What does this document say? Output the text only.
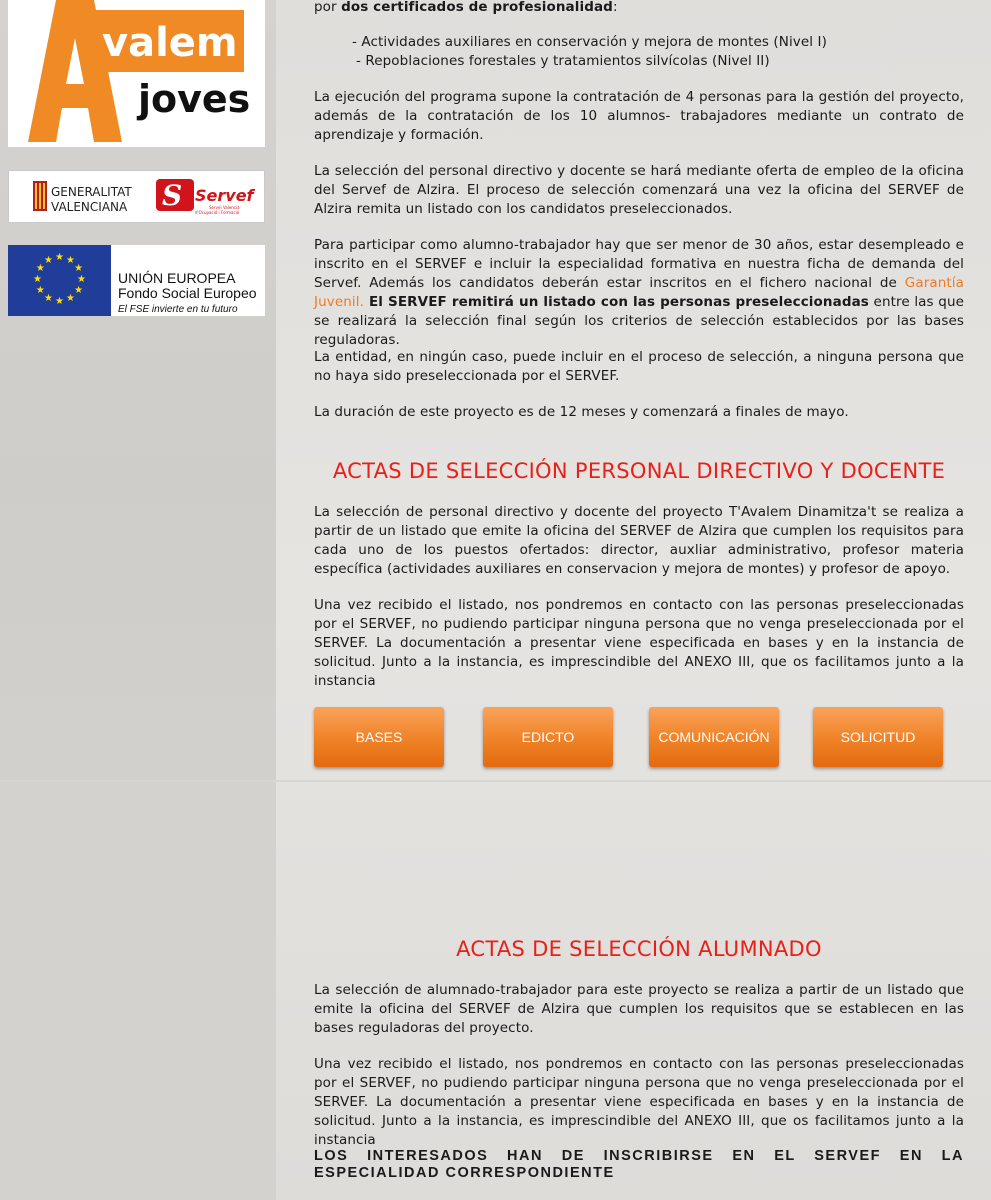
valem
joves
GENERALITAT
VALENCIANA S Servef
Servei Valencià
d'Ocupació i Formació
★ ★
★
★
★
★
★
★
★
★
★
★
UNIÓN EUROPEA
Fondo Social Europeo
El FSE invierte en tu futuro

por dos certificados de profesionalidad:

- Actividades auxiliares en conservación y mejora de montes (Nivel I)

- Repoblaciones forestales y tratamientos silvícolas (Nivel II)

La ejecución del programa supone la contratación de 4 personas para la gestión del proyecto, además de la contratación de los 10 alumnos- trabajadores mediante un contrato de aprendizaje y formación.

La selección del personal directivo y docente se hará mediante oferta de empleo de la oficina del Servef de Alzira. El proceso de selección comenzará una vez la oficina del SERVEF de Alzira remita un listado con los candidatos preseleccionados.

Para participar como alumno-trabajador hay que ser menor de 30 años, estar desempleado e inscrito en el SERVEF e incluir la especialidad formativa en nuestra ficha de demanda del Servef. Además los candidatos deberán estar inscritos en el fichero nacional de Garantía Juvenil. El SERVEF remitirá un listado con las personas preseleccionadas entre las que se realizará la selección final según los criterios de selección establecidos por las bases reguladoras.

La entidad, en ningún caso, puede incluir en el proceso de selección, a ninguna persona que no haya sido preseleccionada por el SERVEF.

La duración de este proyecto es de 12 meses y comenzará a finales de mayo.

ACTAS DE SELECCIÓN PERSONAL DIRECTIVO Y DOCENTE

La selección de personal directivo y docente del proyecto T'Avalem Dinamitza't se realiza a partir de un listado que emite la oficina del SERVEF de Alzira que cumplen los requisitos para cada uno de los puestos ofertados: director, auxliar administrativo, profesor materia específica (actividades auxiliares en conservacion y mejora de montes) y profesor de apoyo.

Una vez recibido el listado, nos pondremos en contacto con las personas preseleccionadas por el SERVEF, no pudiendo participar ninguna persona que no venga preseleccionada por el SERVEF. La documentación a presentar viene especificada en bases y en la instancia de solicitud. Junto a la instancia, es imprescindible del ANEXO III, que os facilitamos junto a la instancia

ACTAS DE SELECCIÓN ALUMNADO

La selección de alumnado-trabajador para este proyecto se realiza a partir de un listado que emite la oficina del SERVEF de Alzira que cumplen los requisitos que se establecen en las bases reguladoras del proyecto.

Una vez recibido el listado, nos pondremos en contacto con las personas preseleccionadas por el SERVEF, no pudiendo participar ninguna persona que no venga preseleccionada por el SERVEF. La documentación a presentar viene especificada en bases y en la instancia de solicitud. Junto a la instancia, es imprescindible del ANEXO III, que os facilitamos junto a la instancia

LOS INTERESADOS HAN DE INSCRIBIRSE EN EL SERVEF EN LA ESPECIALIDAD CORRESPONDIENTE

BASES	EDICTO	COMUNICACIÓN	SOLICITUD
